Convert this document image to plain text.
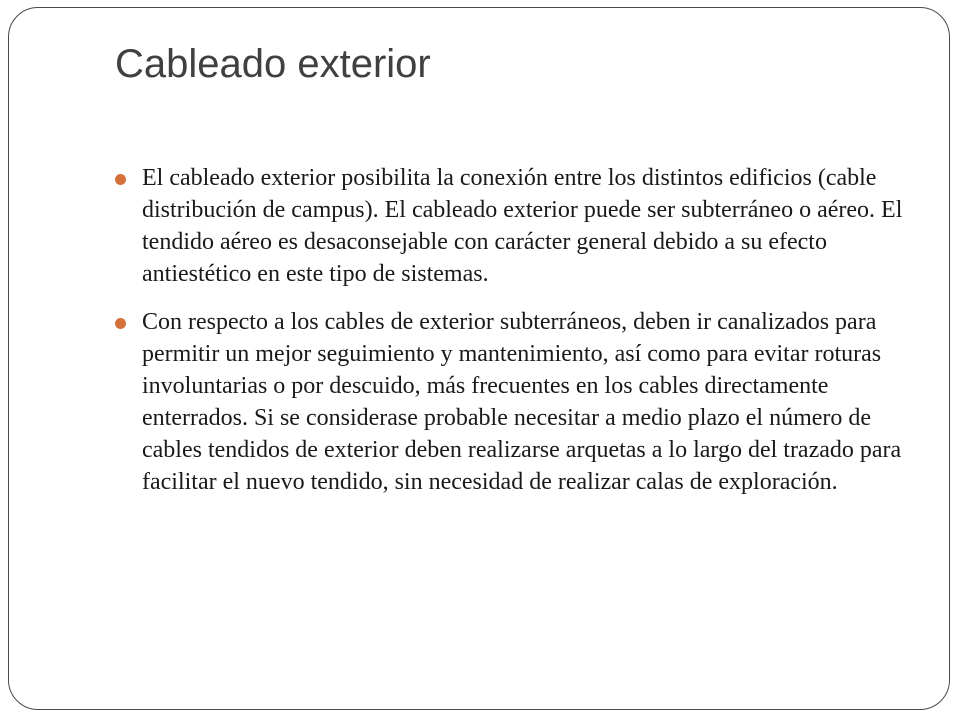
Cableado exterior
El cableado exterior posibilita la conexión entre los distintos edificios (cable distribución de campus). El cableado exterior puede ser subterráneo o aéreo. El tendido aéreo es desaconsejable con carácter general debido a su efecto antiestético en este tipo de sistemas.
Con respecto a los cables de exterior subterráneos, deben ir canalizados para permitir un mejor seguimiento y mantenimiento, así como para evitar roturas involuntarias o por descuido, más frecuentes en los cables directamente enterrados. Si se considerase probable necesitar a medio plazo el número de cables tendidos de exterior deben realizarse arquetas a lo largo del trazado para facilitar el nuevo tendido, sin necesidad de realizar calas de exploración.
